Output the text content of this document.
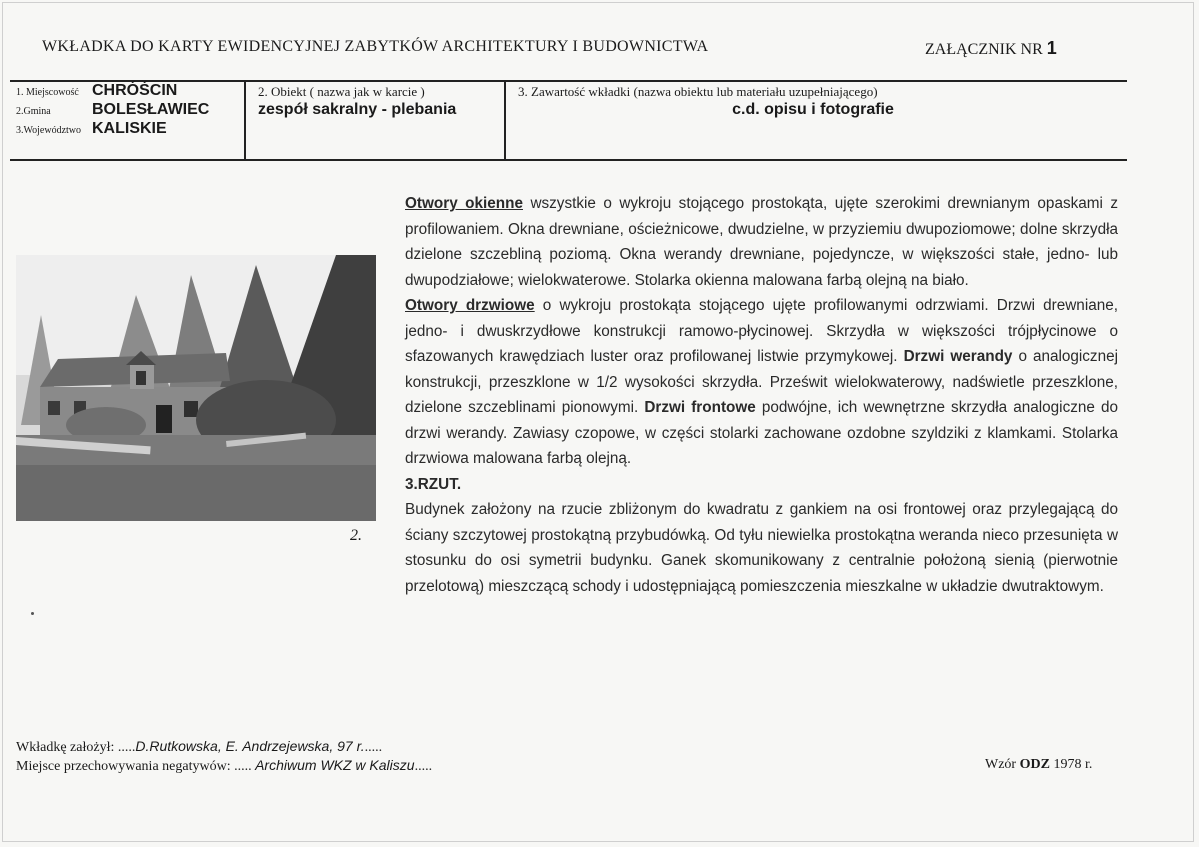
WKŁADKA DO KARTY EWIDENCYJNEJ ZABYTKÓW ARCHITEKTURY I BUDOWNICTWA	ZAŁĄCZNIK NR 1
1. Miejscowość CHRÓŚCIN
2.Gmina	BOLESŁAWIEC
3.Województwo KALISKIE
2. Obiekt ( nazwa jak w karcie )
zespół sakralny - plebania
3. Zawartość wkładki (nazwa obiektu lub materiału uzupełniającego)
c.d. opisu i fotografie
2.

Otwory okienne wszystkie o wykroju stojącego prostokąta, ujęte szerokimi drewnianym opaskami z profilowaniem. Okna drewniane, ościeżnicowe, dwudzielne, w przyziemiu dwupoziomowe; dolne skrzydła dzielone szczebliną poziomą. Okna werandy drewniane, pojedyncze, w większości stałe, jedno- lub dwupodziałowe; wielokwaterowe. Stolarka okienna malowana farbą olejną na biało.

Otwory drzwiowe o wykroju prostokąta stojącego ujęte profilowanymi odrzwiami. Drzwi drewniane, jedno- i dwuskrzydłowe konstrukcji ramowo-płycinowej. Skrzydła w większości trójpłycinowe o sfazowanych krawędziach luster oraz profilowanej listwie przymykowej. Drzwi werandy o analogicznej konstrukcji, przeszklone w 1/2 wysokości skrzydła. Prześwit wielokwaterowy, nadświetle przeszklone, dzielone szczeblinami pionowymi. Drzwi frontowe podwójne, ich wewnętrzne skrzydła analogiczne do drzwi werandy. Zawiasy czopowe, w części stolarki zachowane ozdobne szyldziki z klamkami. Stolarka drzwiowa malowana farbą olejną.

3.RZUT.

Budynek założony na rzucie zbliżonym do kwadratu z gankiem na osi frontowej oraz przylegającą do ściany szczytowej prostokątną przybudówką. Od tyłu niewielka prostokątna weranda nieco przesunięta w stosunku do osi symetrii budynku. Ganek skomunikowany z centralnie położoną sienią (pierwotnie przelotową) mieszczącą schody i udostępniającą pomieszczenia mieszkalne w układzie dwutraktowym.

Wkładkę założył: .....D.Rutkowska, E. Andrzejewska, 97 r......
Miejsce przechowywania negatywów: ..... Archiwum WKZ w Kaliszu.....	Wzór ODZ 1978 r.
